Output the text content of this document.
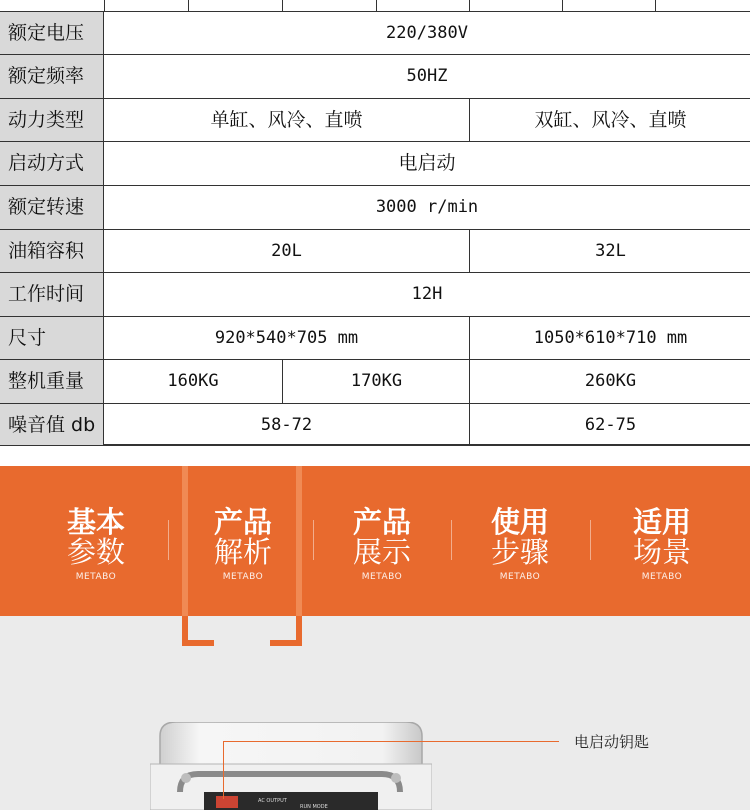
额定电压	220/380V
额定频率	50HZ
动力类型	单缸、风冷、直喷	双缸、风冷、直喷
启动方式	电启动
额定转速	3000 r/min
油箱容积	20L	32L
工作时间	12H
尺寸	920*540*705 mm	1050*610*710 mm
整机重量	160KG	170KG	260KG
噪音值 db	58-72	62-75
基本
参数
METABO
产品
解析
METABO
产品
展示
METABO
使用
步骤
METABO
适用
场景
METABO
AC OUTPUT
RUN MODE
电启动钥匙
